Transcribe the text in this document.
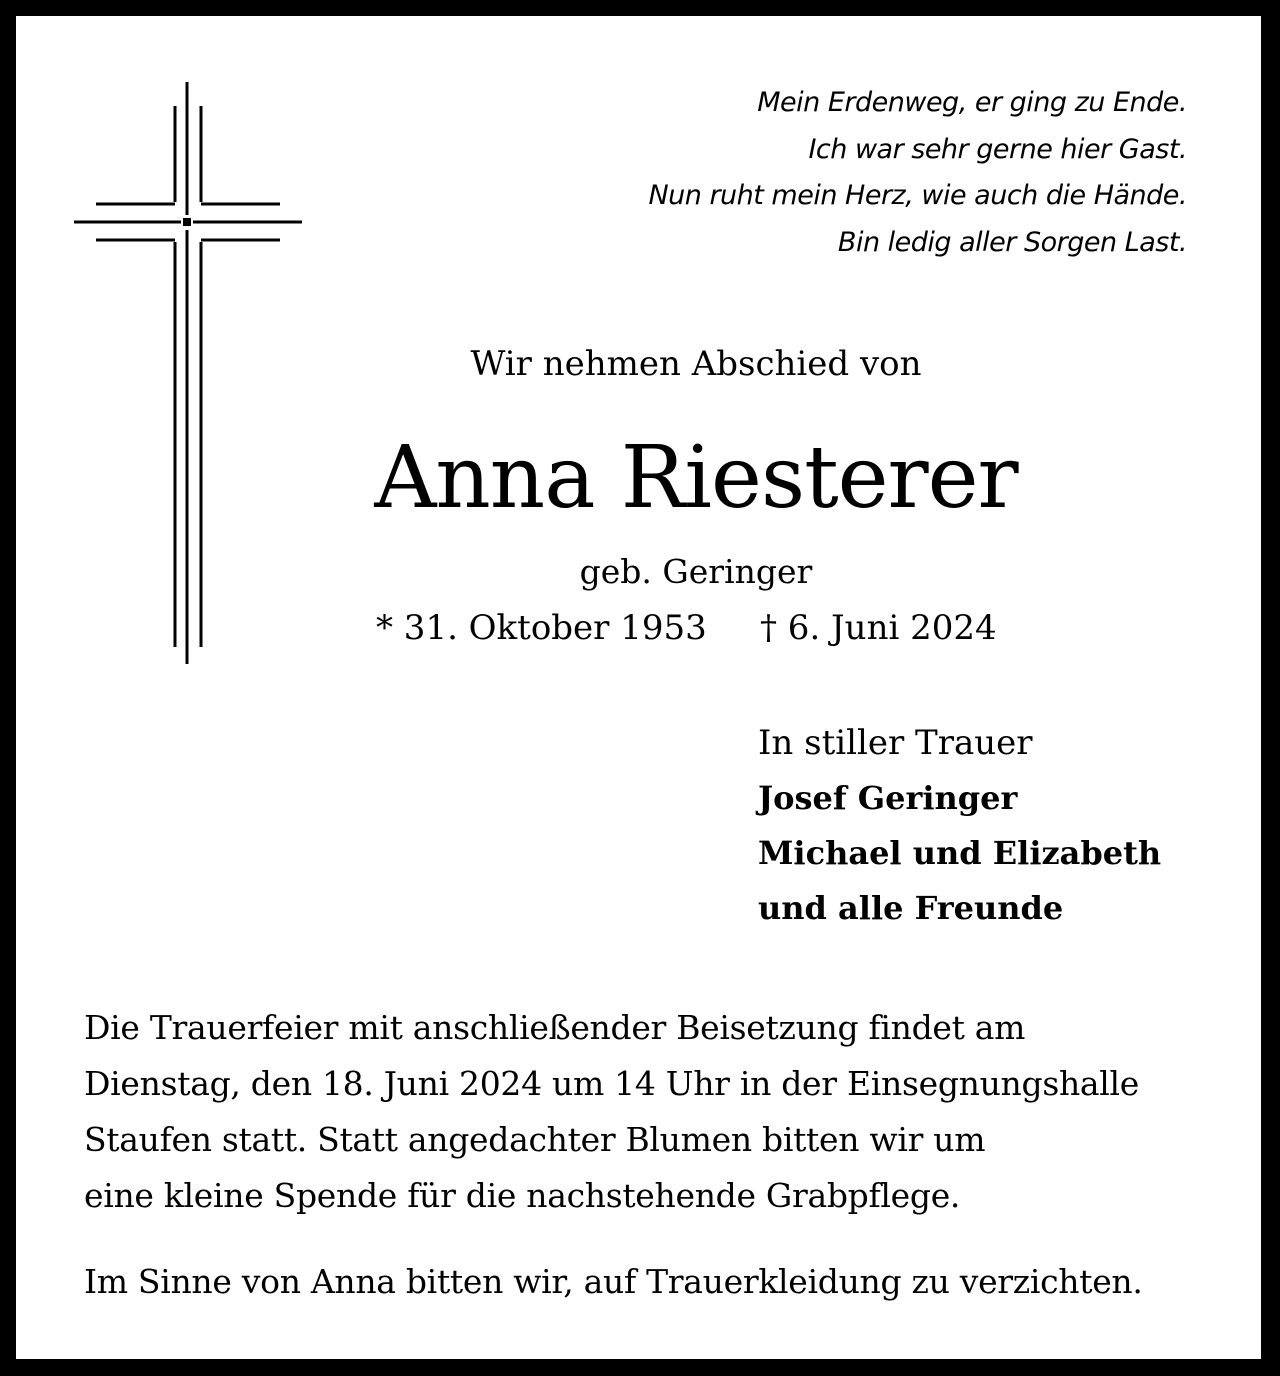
Mein Erdenweg, er ging zu Ende.
Ich war sehr gerne hier Gast.
Nun ruht mein Herz, wie auch die Hände.
Bin ledig aller Sorgen Last.
Wir nehmen Abschied von
Anna Riesterer
geb. Geringer
* 31. Oktober 1953 † 6. Juni 2024
In stiller Trauer
Josef Geringer
Michael und Elizabeth
und alle Freunde
Die Trauerfeier mit anschließender Beisetzung findet am
Dienstag, den 18. Juni 2024 um 14 Uhr in der Einsegnungshalle
Staufen statt. Statt angedachter Blumen bitten wir um
eine kleine Spende für die nachstehende Grabpflege.
Im Sinne von Anna bitten wir, auf Trauerkleidung zu verzichten.
